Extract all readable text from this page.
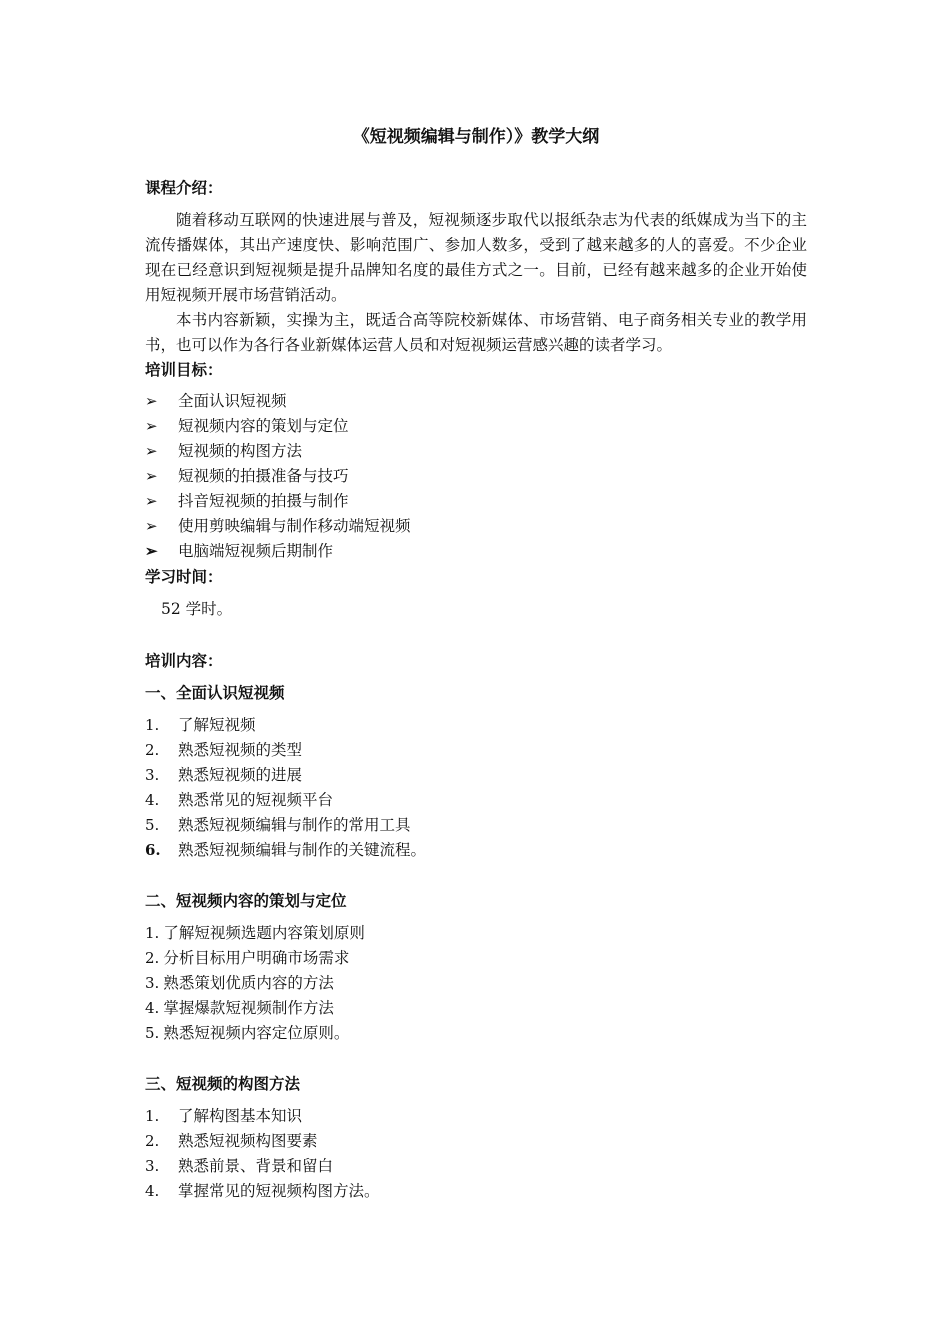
《短视频编辑与制作）》教学大纲
课程介绍：
随着移动互联网的快速进展与普及，短视频逐步取代以报纸杂志为代表的纸媒成为当下的主流传播媒体，其出产速度快、影响范围广、参加人数多，受到了越来越多的人的喜爱。不少企业现在已经意识到短视频是提升品牌知名度的最佳方式之一。目前，已经有越来越多的企业开始使用短视频开展市场营销活动。
本书内容新颖，实操为主，既适合高等院校新媒体、市场营销、电子商务相关专业的教学用书，也可以作为各行各业新媒体运营人员和对短视频运营感兴趣的读者学习。
培训目标：
➢ 全面认识短视频
➢ 短视频内容的策划与定位
➢ 短视频的构图方法
➢ 短视频的拍摄准备与技巧
➢ 抖音短视频的拍摄与制作
➢ 使用剪映编辑与制作移动端短视频
➢ 电脑端短视频后期制作
学习时间：
52 学时。
培训内容：
一、全面认识短视频
1. 了解短视频
2. 熟悉短视频的类型
3. 熟悉短视频的进展
4. 熟悉常见的短视频平台
5. 熟悉短视频编辑与制作的常用工具
6. 熟悉短视频编辑与制作的关键流程。
二、短视频内容的策划与定位
1. 了解短视频选题内容策划原则
2. 分析目标用户明确市场需求
3. 熟悉策划优质内容的方法
4. 掌握爆款短视频制作方法
5. 熟悉短视频内容定位原则。
三、短视频的构图方法
1. 了解构图基本知识
2. 熟悉短视频构图要素
3. 熟悉前景、背景和留白
4. 掌握常见的短视频构图方法。
